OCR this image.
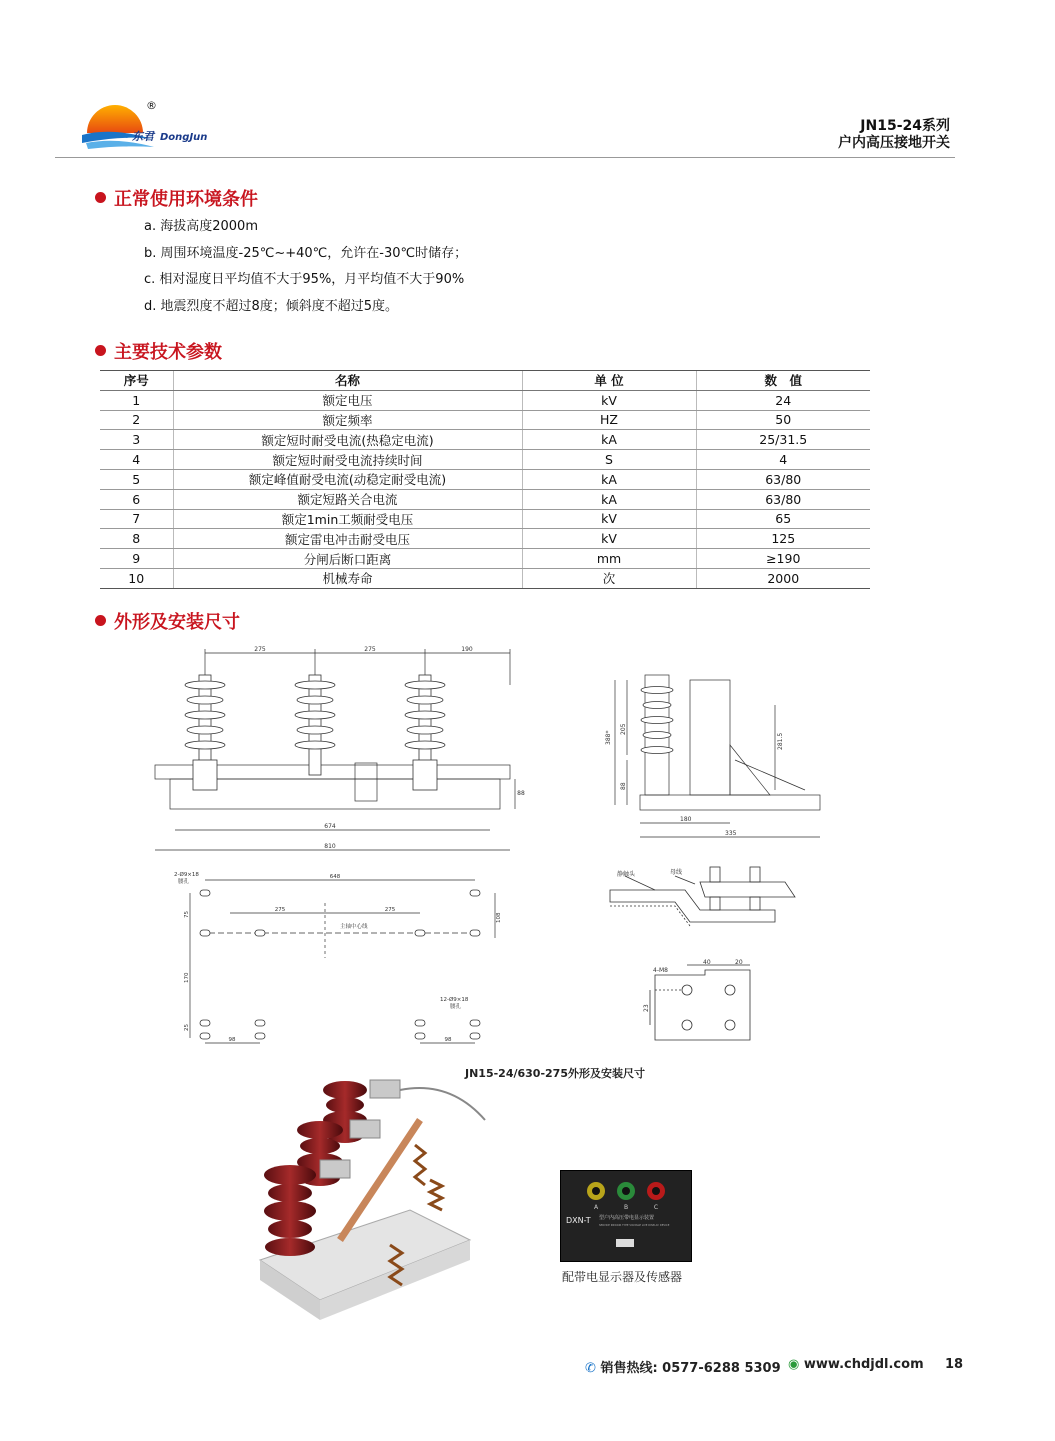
东君 DongJun
®
JN15-24系列
户内高压接地开关
正常使用环境条件
a. 海拔高度2000m
b. 周围环境温度-25℃~+40℃，允许在-30℃时储存；
c. 相对湿度日平均值不大于95%，月平均值不大于90%
d. 地震烈度不超过8度；倾斜度不超过5度。
主要技术参数
序号	名称	单 位	数　值
1	额定电压	kV	24
2	额定频率	HZ	50
3	额定短时耐受电流(热稳定电流)	kA	25/31.5
4	额定短时耐受电流持续时间	S	4
5	额定峰值耐受电流(动稳定耐受电流)	kA	63/80
6	额定短路关合电流	kA	63/80
7	额定1min工频耐受电压	kV	65
8	额定雷电冲击耐受电压	kV	125
9	分闸后断口距离	mm	≥190
10	机械寿命	次	2000
外形及安装尺寸
275	275	190
674
810
88
388*
205
88
281.5
180
335
648
275	275
170
75
25
98	98
108
2-Ø9×18
腰孔
12-Ø9×18
腰孔
主轴中心线
静触头	母线
40	20
23
4-M8
JN15-24/630-275外形及安装尺寸
A	B	C
DXN-T 型户内高压带电显示装置
SERVICE INDOOR TYPE VOLTAGE LIVE DISPLAY DEVICE
配带电显示器及传感器
✆ 销售热线: 0577-6288 5309 ◉ www.chdjdl.com 18
